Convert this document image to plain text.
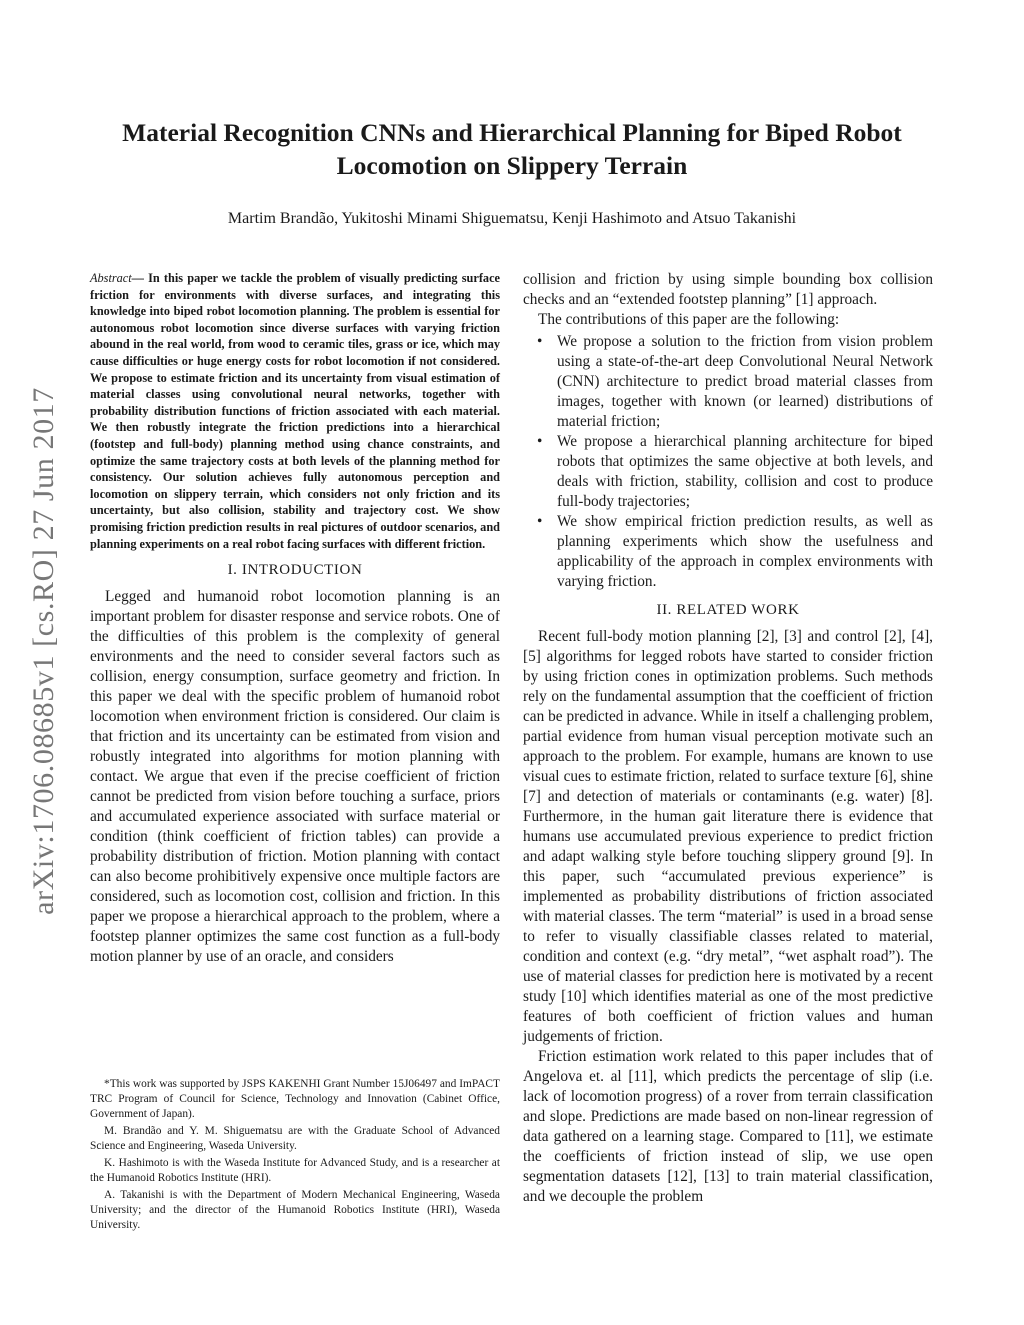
arXiv:1706.08685v1 [cs.RO] 27 Jun 2017
Material Recognition CNNs and Hierarchical Planning for Biped Robot Locomotion on Slippery Terrain
Martim Brandão, Yukitoshi Minami Shiguematsu, Kenji Hashimoto and Atsuo Takanishi

Abstract— In this paper we tackle the problem of visually predicting surface friction for environments with diverse surfaces, and integrating this knowledge into biped robot locomotion planning. The problem is essential for autonomous robot locomotion since diverse surfaces with varying friction abound in the real world, from wood to ceramic tiles, grass or ice, which may cause difficulties or huge energy costs for robot locomotion if not considered. We propose to estimate friction and its uncertainty from visual estimation of material classes using convolutional neural networks, together with probability distribution functions of friction associated with each material. We then robustly integrate the friction predictions into a hierarchical (footstep and full-body) planning method using chance constraints, and optimize the same trajectory costs at both levels of the planning method for consistency. Our solution achieves fully autonomous perception and locomotion on slippery terrain, which considers not only friction and its uncertainty, but also collision, stability and trajectory cost. We show promising friction prediction results in real pictures of outdoor scenarios, and planning experiments on a real robot facing surfaces with different friction.

I. INTRODUCTION

Legged and humanoid robot locomotion planning is an important problem for disaster response and service robots. One of the difficulties of this problem is the complexity of general environments and the need to consider several factors such as collision, energy consumption, surface geometry and friction. In this paper we deal with the specific problem of humanoid robot locomotion when environment friction is considered. Our claim is that friction and its uncertainty can be estimated from vision and robustly integrated into algorithms for motion planning with contact. We argue that even if the precise coefficient of friction cannot be predicted from vision before touching a surface, priors and accumulated experience associated with surface material or condition (think coefficient of friction tables) can provide a probability distribution of friction. Motion planning with contact can also become prohibitively expensive once multiple factors are considered, such as locomotion cost, collision and friction. In this paper we propose a hierarchical approach to the problem, where a footstep planner optimizes the same cost function as a full-body motion planner by use of an oracle, and considers

*This work was supported by JSPS KAKENHI Grant Number 15J06497 and ImPACT TRC Program of Council for Science, Technology and Innovation (Cabinet Office, Government of Japan).

M. Brandão and Y. M. Shiguematsu are with the Graduate School of Advanced Science and Engineering, Waseda University.

K. Hashimoto is with the Waseda Institute for Advanced Study, and is a researcher at the Humanoid Robotics Institute (HRI).

A. Takanishi is with the Department of Modern Mechanical Engineering, Waseda University; and the director of the Humanoid Robotics Institute (HRI), Waseda University.

collision and friction by using simple bounding box collision checks and an “extended footstep planning” [1] approach.

The contributions of this paper are the following:

• We propose a solution to the friction from vision problem using a state-of-the-art deep Convolutional Neural Network (CNN) architecture to predict broad material classes from images, together with known (or learned) distributions of material friction;
• We propose a hierarchical planning architecture for biped robots that optimizes the same objective at both levels, and deals with friction, stability, collision and cost to produce full-body trajectories;
• We show empirical friction prediction results, as well as planning experiments which show the usefulness and applicability of the approach in complex environments with varying friction.
II. RELATED WORK

Recent full-body motion planning [2], [3] and control [2], [4], [5] algorithms for legged robots have started to consider friction by using friction cones in optimization problems. Such methods rely on the fundamental assumption that the coefficient of friction can be predicted in advance. While in itself a challenging problem, partial evidence from human visual perception motivate such an approach to the problem. For example, humans are known to use visual cues to estimate friction, related to surface texture [6], shine [7] and detection of materials or contaminants (e.g. water) [8]. Furthermore, in the human gait literature there is evidence that humans use accumulated previous experience to predict friction and adapt walking style before touching slippery ground [9]. In this paper, such “accumulated previous experience” is implemented as probability distributions of friction associated with material classes. The term “material” is used in a broad sense to refer to visually classifiable classes related to material, condition and context (e.g. “dry metal”, “wet asphalt road”). The use of material classes for prediction here is motivated by a recent study [10] which identifies material as one of the most predictive features of both coefficient of friction values and human judgements of friction.

Friction estimation work related to this paper includes that of Angelova et. al [11], which predicts the percentage of slip (i.e. lack of locomotion progress) of a rover from terrain classification and slope. Predictions are made based on non-linear regression of data gathered on a learning stage. Compared to [11], we estimate the coefficients of friction instead of slip, we use open segmentation datasets [12], [13] to train material classification, and we decouple the problem
